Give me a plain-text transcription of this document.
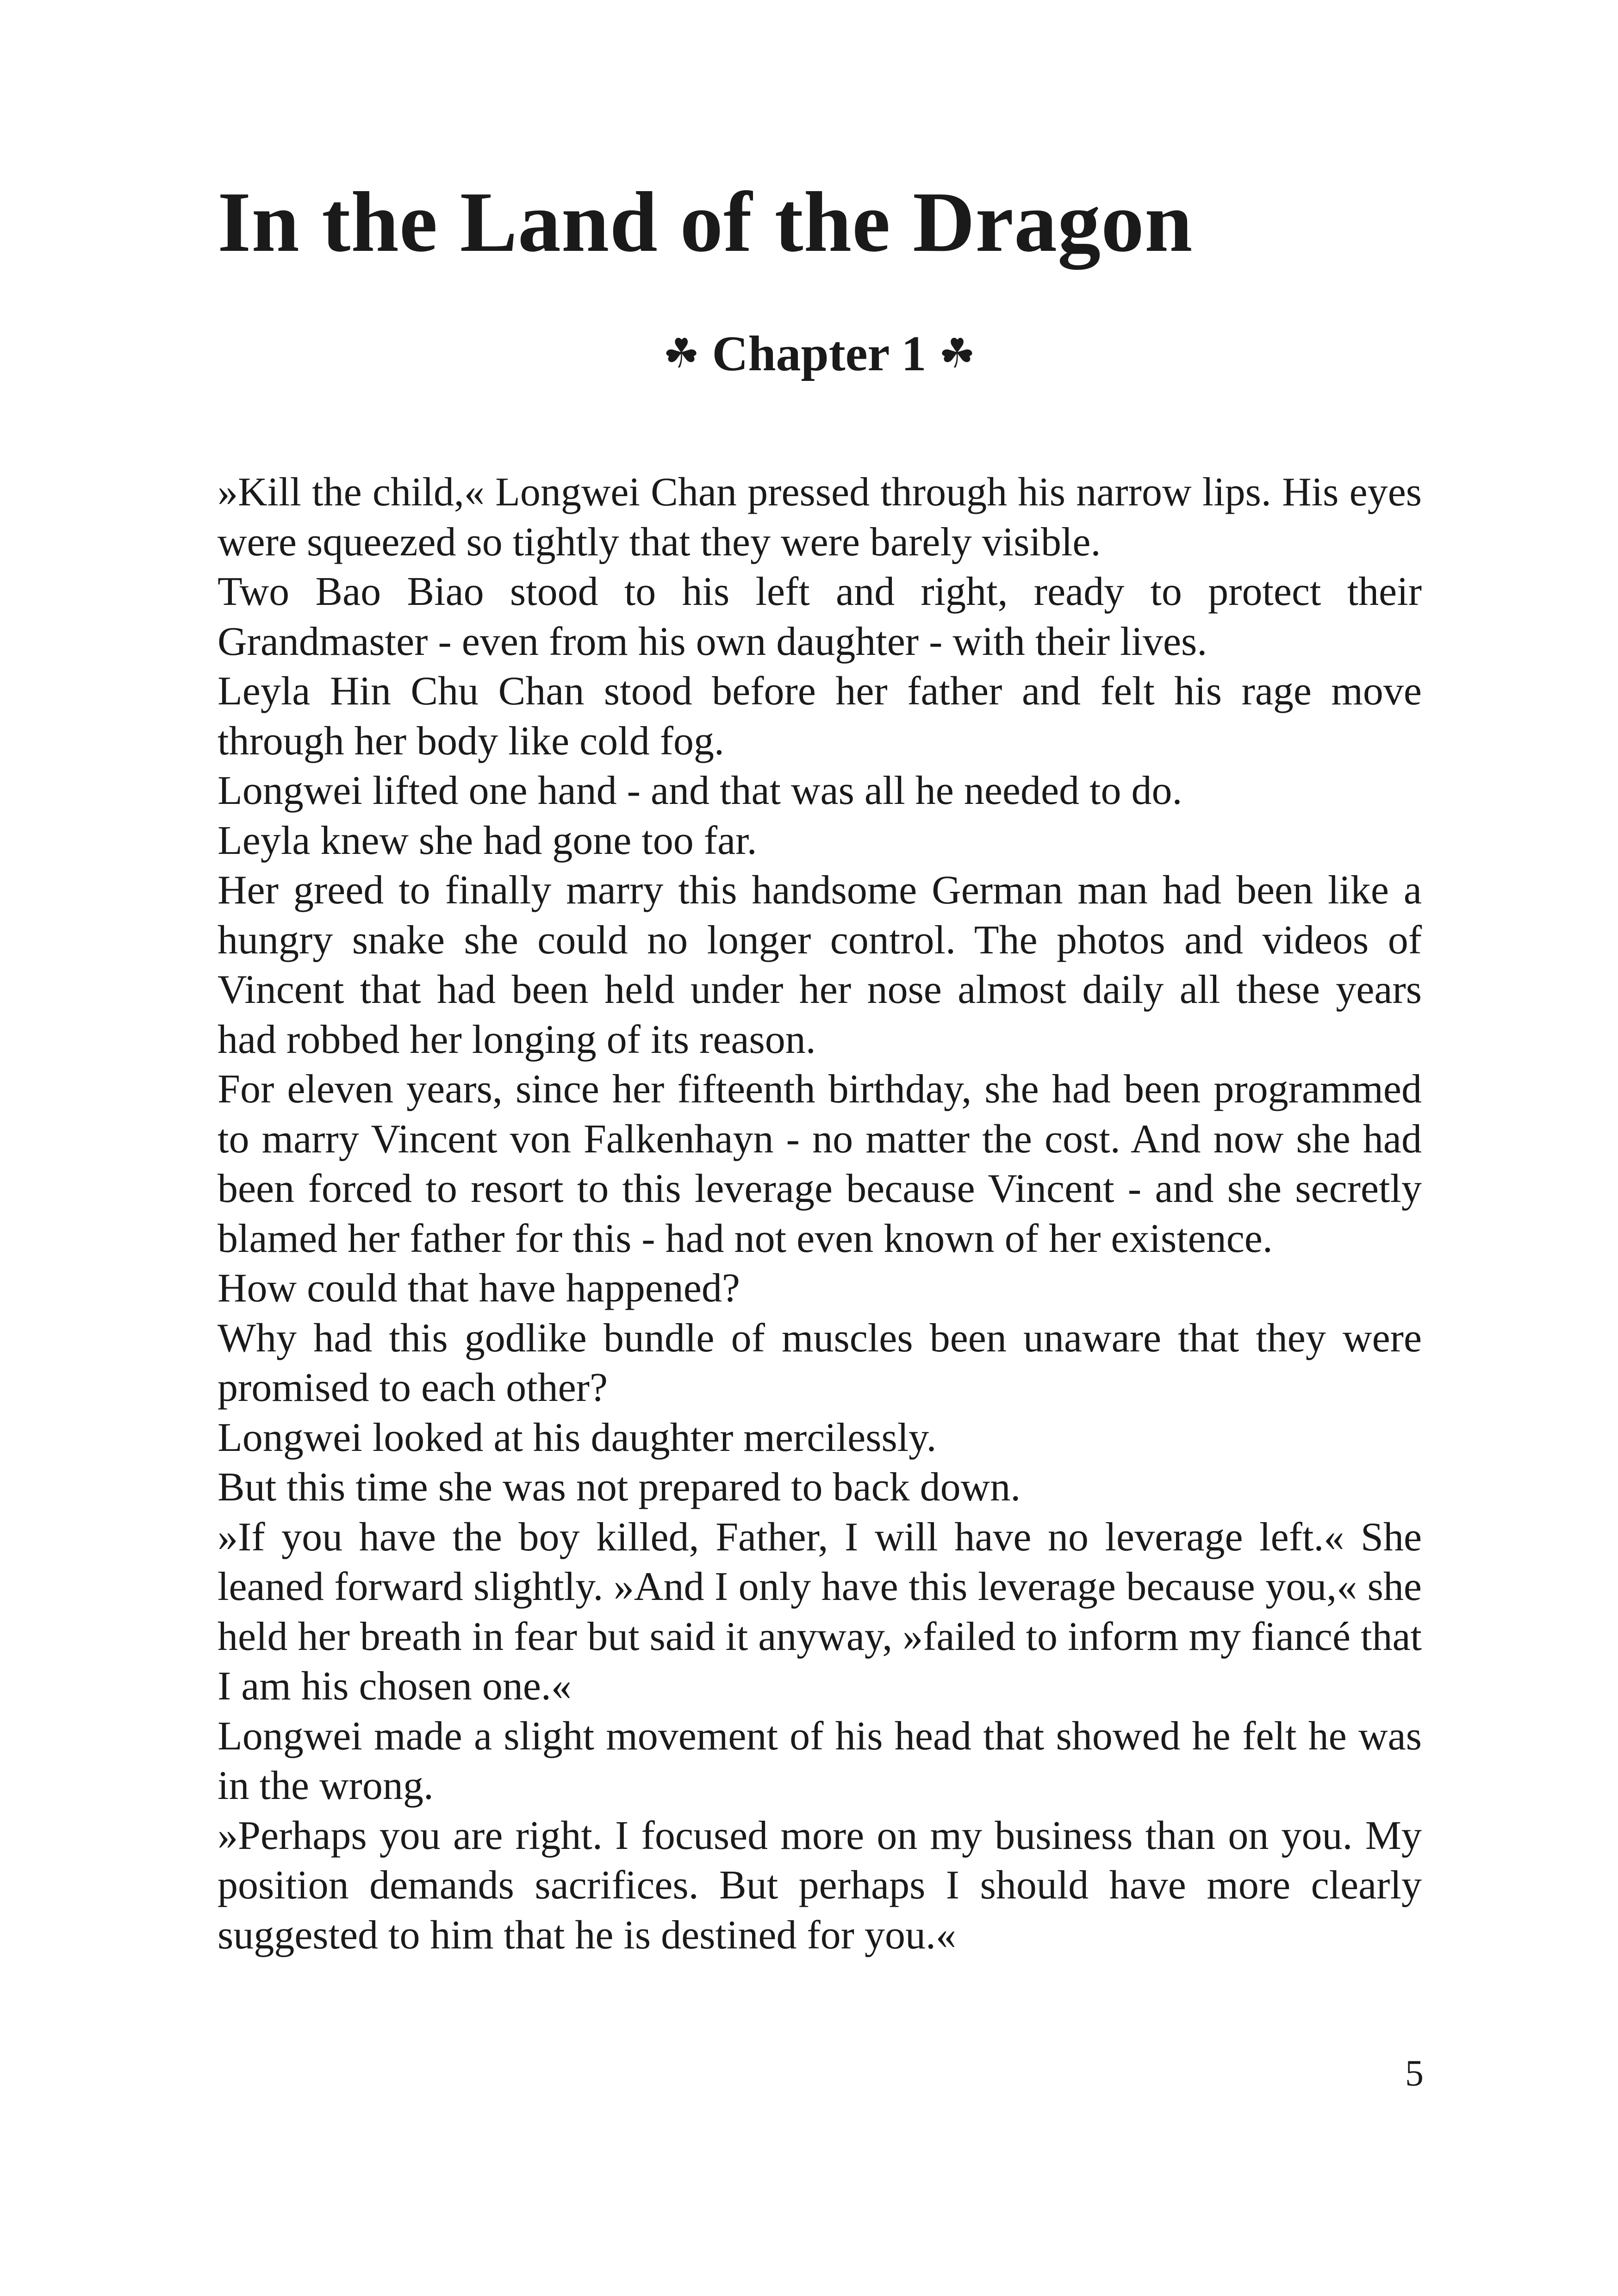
In the Land of the Dragon
☘ Chapter 1 ☘

»Kill the child,« Longwei Chan pressed through his narrow lips. His eyes were squeezed so tightly that they were barely visible.

Two Bao Biao stood to his left and right, ready to protect their Grandmaster - even from his own daughter - with their lives.

Leyla Hin Chu Chan stood before her father and felt his rage move through her body like cold fog.

Longwei lifted one hand - and that was all he needed to do.

Leyla knew she had gone too far.

Her greed to finally marry this handsome German man had been like a hungry snake she could no longer control. The photos and videos of Vincent that had been held under her nose almost daily all these years had robbed her longing of its reason.

For eleven years, since her fifteenth birthday, she had been programmed to marry Vincent von Falkenhayn - no matter the cost. And now she had been forced to resort to this leverage because Vincent - and she secretly blamed her father for this - had not even known of her existence.

How could that have happened?

Why had this godlike bundle of muscles been unaware that they were promised to each other?

Longwei looked at his daughter mercilessly.

But this time she was not prepared to back down.

»If you have the boy killed, Father, I will have no leverage left.« She leaned forward slightly. »And I only have this leverage because you,« she held her breath in fear but said it anyway, »failed to inform my fiancé that I am his chosen one.«

Longwei made a slight movement of his head that showed he felt he was in the wrong.

»Perhaps you are right. I focused more on my business than on you. My position demands sacrifices. But perhaps I should have more clearly suggested to him that he is destined for you.«

5
